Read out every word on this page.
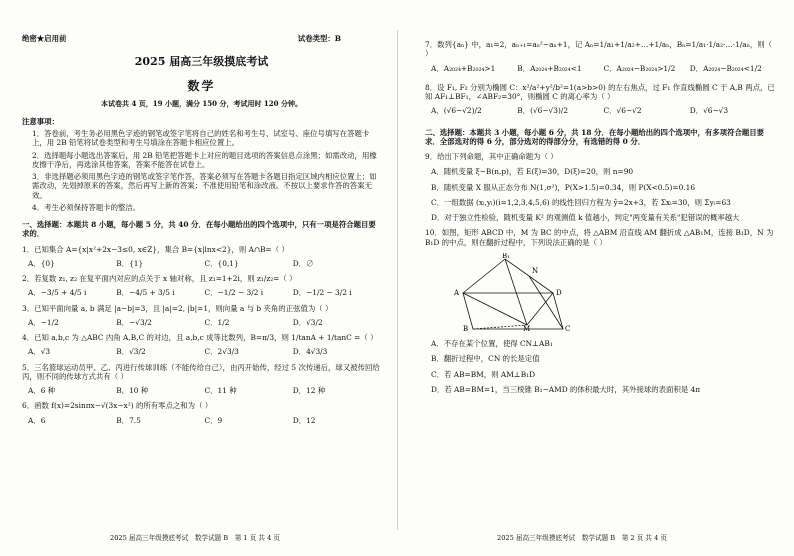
绝密★启用前	试卷类型：B
2025 届高三年级摸底考试
数学
本试卷共 4 页，19 小题，满分 150 分，考试用时 120 分钟。
注意事项：
1．答卷前，考生务必用黑色字迹的钢笔或签字笔将自己的姓名和考生号、试室号、座位号填写在答题卡上，用 2B 铅笔将试卷类型和考生号填涂在答题卡相应位置上。
2．选择题每小题选出答案后，用 2B 铅笔把答题卡上对应的题目选项的答案信息点涂黑；如需改动，用橡皮擦干净后，再选涂其他答案，答案不能答在试卷上。
3．非选择题必须用黑色字迹的钢笔或签字笔作答，答案必须写在答题卡各题目指定区域内相应位置上；如需改动，先划掉原来的答案，然后再写上新的答案；不准使用铅笔和涂改液。不按以上要求作答的答案无效。
4．考生必须保持答题卡的整洁。
一、选择题：本题共 8 小题，每小题 5 分，共 40 分．在每小题给出的四个选项中，只有一项是符合题目要求的．
1．已知集合 A={x|x²+2x−3≤0, x∈Z}，集合 B={x|lnx<2}，则 A∩B=（ ）
A．{0}	B．{1}	C．{0,1}	D．∅
2．若复数 z₁, z₂ 在复平面内对应的点关于 x 轴对称，且 z₁=1+2i，则 z₁/z₂=（ ）
A．−3/5 + 4/5 i	B．−4/5 + 3/5 i	C．−1/2 − 3/2 i	D．−1/2 − 3/2 i
3．已知平面向量 a, b 满足 |a−b|=3，且 |a|=2, |b|=1，则向量 a 与 b 夹角的正弦值为（ ）
A．−1/2	B．−√3/2	C．1/2	D．√3/2
4．已知 a,b,c 为 △ABC 内角 A,B,C 的对边，且 a,b,c 成等比数列，B=π/3，则 1/tanA + 1/tanC =（ ）
A．√3	B．√3/2	C．2√3/3	D．4√3/3
5．三名篮球运动员甲、乙、丙进行传球训练（不能传给自己），由丙开始传，经过 5 次传递后，球又被传回给丙，则不同的传球方式共有（ ）
A．6 种	B．10 种	C．11 种	D．12 种
6．函数 f(x)=2sinπx−√(3x−x²) 的所有零点之和为（ ）
A．6	B．7.5	C．9	D．12
2025 届高三年级摸底考试　数学试题 B　第 1 页 共 4 页
7．数列{aₙ} 中，a₁=2，aₙ₊₁=aₙ²−aₙ+1，记 Aₙ=1/a₁+1/a₂+…+1/aₙ，Bₙ=1/a₁·1/a₂·…·1/aₙ，则（ ）
A．A₂₀₂₄+B₂₀₂₄>1	B．A₂₀₂₄+B₂₀₂₄<1	C．A₂₀₂₄−B₂₀₂₄>1/2	D．A₂₀₂₄−B₂₀₂₄<1/2
8．设 F₁, F₂ 分别为椭圆 C：x²/a²+y²/b²=1(a>b>0) 的左右焦点，过 F₁ 作直线椭圆 C 于 A,B 两点，已知 AF₁⊥BF₁，∠ABF₂=30°，则椭圆 C 的离心率为（ ）
A．(√6−√2)/2	B．(√6−√3)/2	C．√6−√2	D．√6−√3
二、选择题：本题共 3 小题，每小题 6 分，共 18 分．在每小题给出的四个选项中，有多项符合题目要求．全部选对的得 6 分，部分选对的得部分分，有选错的得 0 分．
9．给出下列命题，其中正确命题为（ ）
A．随机变量 ξ~B(n,p)，若 E(ξ)=30，D(ξ)=20，则 n=90
B．随机变量 X 服从正态分布 N(1,σ²)，P(X>1.5)=0.34，则 P(X<0.5)=0.16
C．一组数据 (xᵢ,yᵢ)(i=1,2,3,4,5,6) 的线性回归方程为 ŷ=2x+3，若 Σxᵢ=30，则 Σyᵢ=63
D．对于独立性检验，随机变量 K² 的观测值 k 值越小，判定"两变量有关系"犯错误的概率越大
10．如图，矩形 ABCD 中，M 为 BC 的中点，将 △ABM 沿直线 AM 翻折成 △AB₁M，连接 B₁D，N 为 B₁D 的中点，则在翻折过程中，下列说法正确的是（ ）
B₁
N
A	D
B	M	C
A．不存在某个位置，使得 CN⊥AB₁
B．翻折过程中，CN 的长是定值
C．若 AB=BM，则 AM⊥B₁D
D．若 AB=BM=1，当三棱锥 B₁−AMD 的体积最大时，其外接球的表面积是 4π
2025 届高三年级摸底考试　数学试题 B　第 2 页 共 4 页
